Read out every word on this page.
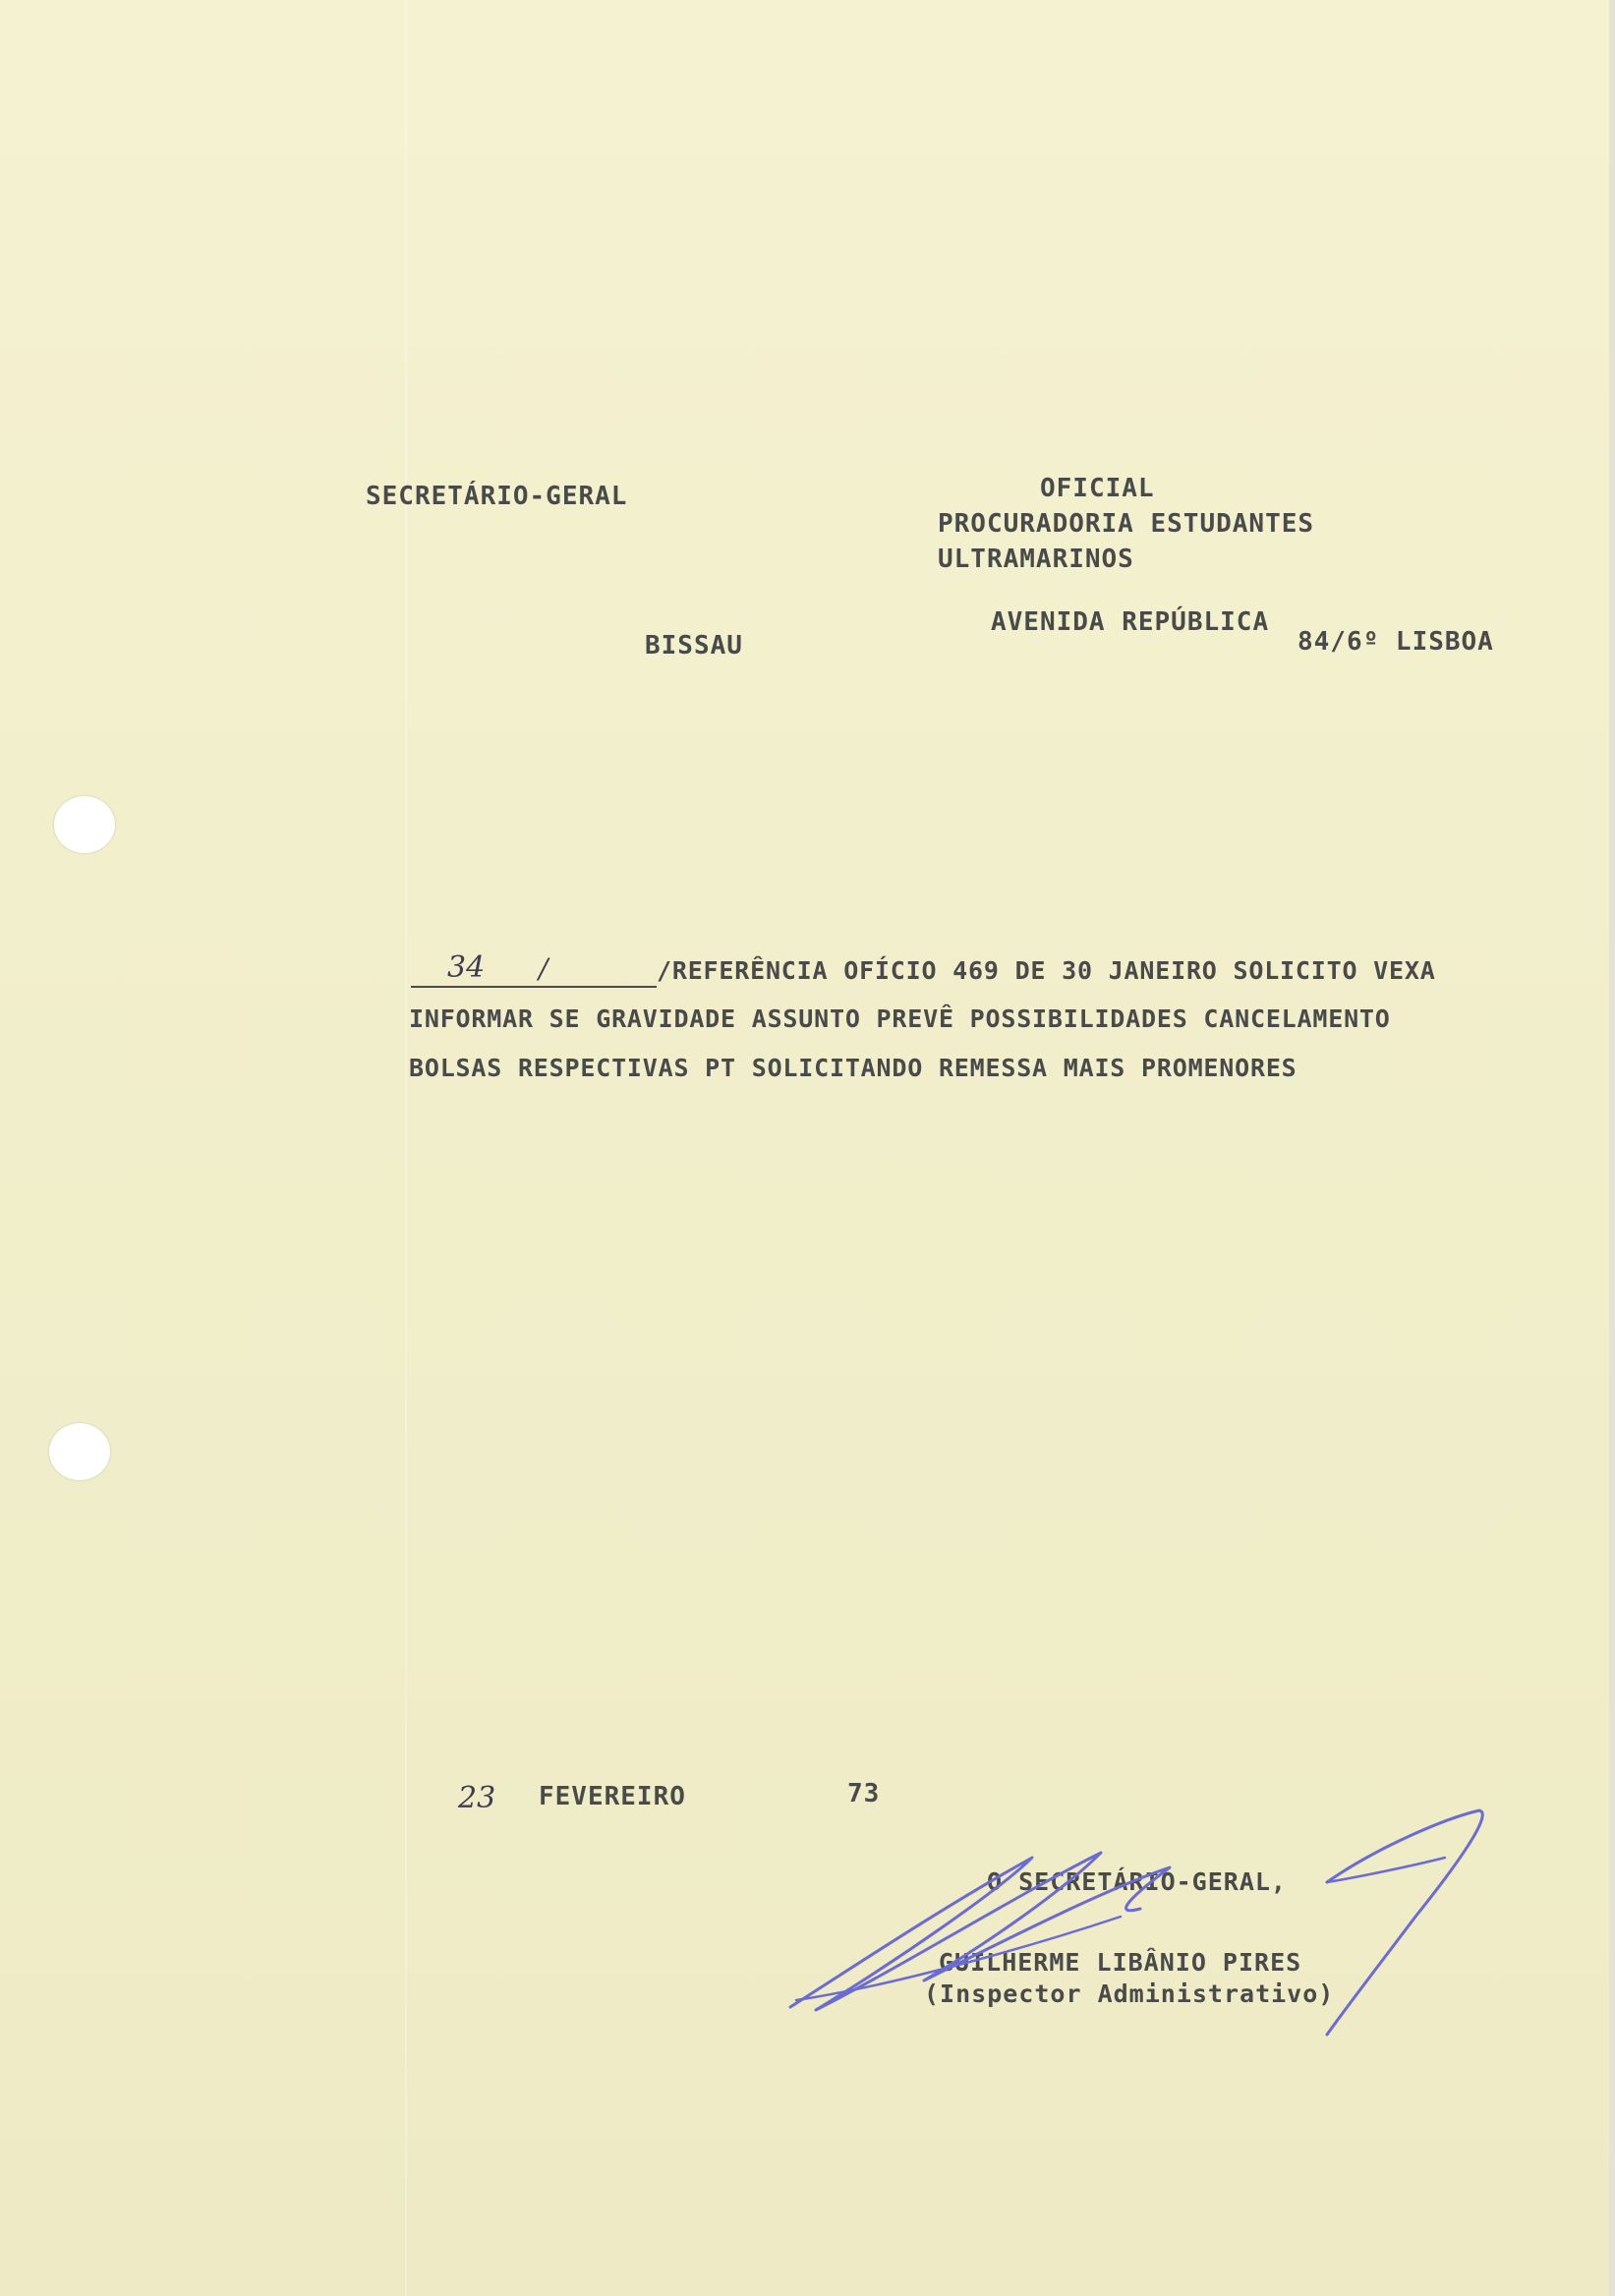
SECRETÁRIO-GERAL
BISSAU
OFICIAL
PROCURADORIA ESTUDANTES
ULTRAMARINOS
AVENIDA REPÚBLICA
84/6º LISBOA
34 /	/REFERÊNCIA OFÍCIO 469 DE 30 JANEIRO SOLICITO VEXA
INFORMAR SE GRAVIDADE ASSUNTO PREVÊ POSSIBILIDADES CANCELAMENTO
BOLSAS RESPECTIVAS PT SOLICITANDO REMESSA MAIS PROMENORES
23 FEVEREIRO	73
O SECRETÁRIO-GERAL,
GUILHERME LIBÂNIO PIRES
(Inspector Administrativo)
